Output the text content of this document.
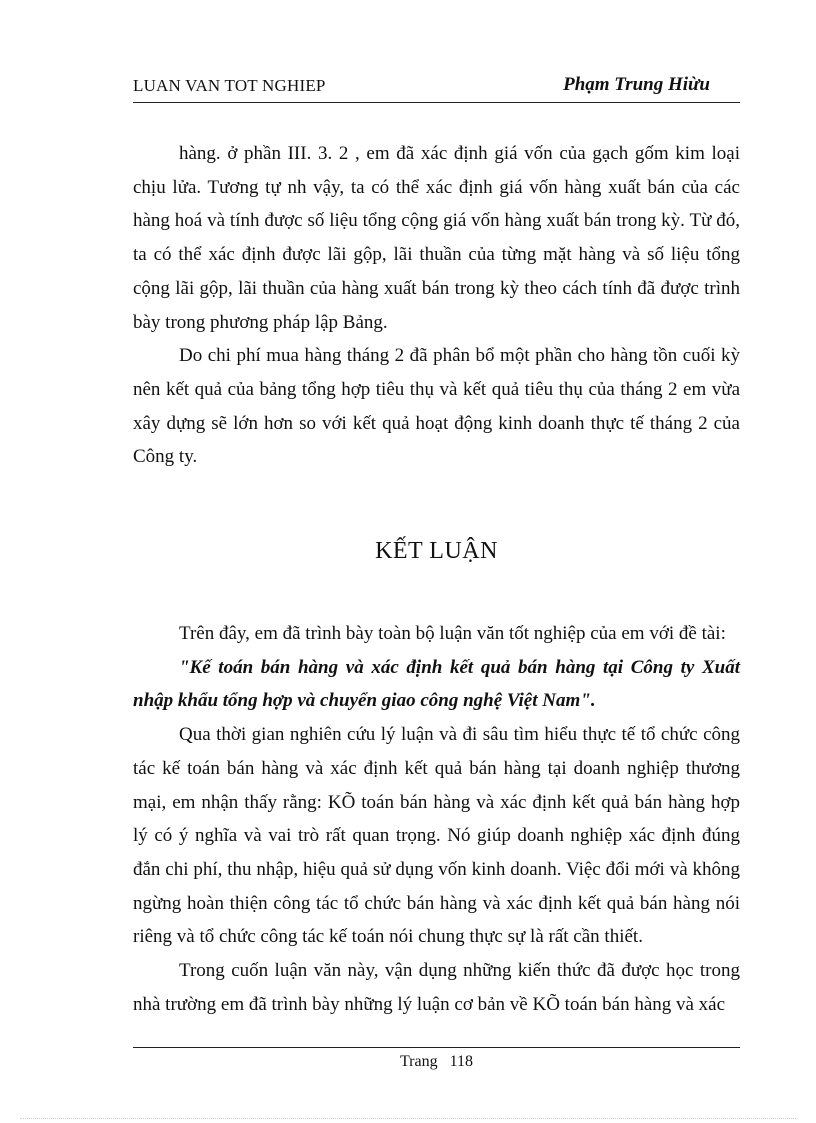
LUAN VAN TOT NGHIEP	Phạm Trung Hiừu

hàng. ở phần III. 3. 2 , em đã xác định giá vốn của gạch gốm kim loại chịu lửa. Tương tự nh vậy, ta có thể xác định giá vốn hàng xuất bán của các hàng hoá và tính được số liệu tổng cộng giá vốn hàng xuất bán trong kỳ. Từ đó, ta có thể xác định được lãi gộp, lãi thuần của từng mặt hàng và số liệu tổng cộng lãi gộp, lãi thuần của hàng xuất bán trong kỳ theo cách tính đã được trình bày trong phương pháp lập Bảng.

Do chi phí mua hàng tháng 2 đã phân bổ một phần cho hàng tồn cuối kỳ nên kết quả của bảng tổng hợp tiêu thụ và kết quả tiêu thụ của tháng 2 em vừa xây dựng sẽ lớn hơn so với kết quả hoạt động kinh doanh thực tế tháng 2 của Công ty.

KẾT LUẬN

Trên đây, em đã trình bày toàn bộ luận văn tốt nghiệp của em với đề tài:
"Kế toán bán hàng và xác định kết quả bán hàng tại Công ty Xuất nhập khẩu tổng hợp và chuyển giao công nghệ Việt Nam".

Qua thời gian nghiên cứu lý luận và đi sâu tìm hiểu thực tế tổ chức công tác kế toán bán hàng và xác định kết quả bán hàng tại doanh nghiệp thương mại, em nhận thấy rằng: KÕ toán bán hàng và xác định kết quả bán hàng hợp lý có ý nghĩa và vai trò rất quan trọng. Nó giúp doanh nghiệp xác định đúng đắn chi phí, thu nhập, hiệu quả sử dụng vốn kinh doanh. Việc đổi mới và không ngừng hoàn thiện công tác tổ chức bán hàng và xác định kết quả bán hàng nói riêng và tổ chức công tác kế toán nói chung thực sự là rất cần thiết.

Trong cuốn luận văn này, vận dụng những kiến thức đã được học trong nhà trường em đã trình bày những lý luận cơ bản về KÕ toán bán hàng và xác

Trang 118
